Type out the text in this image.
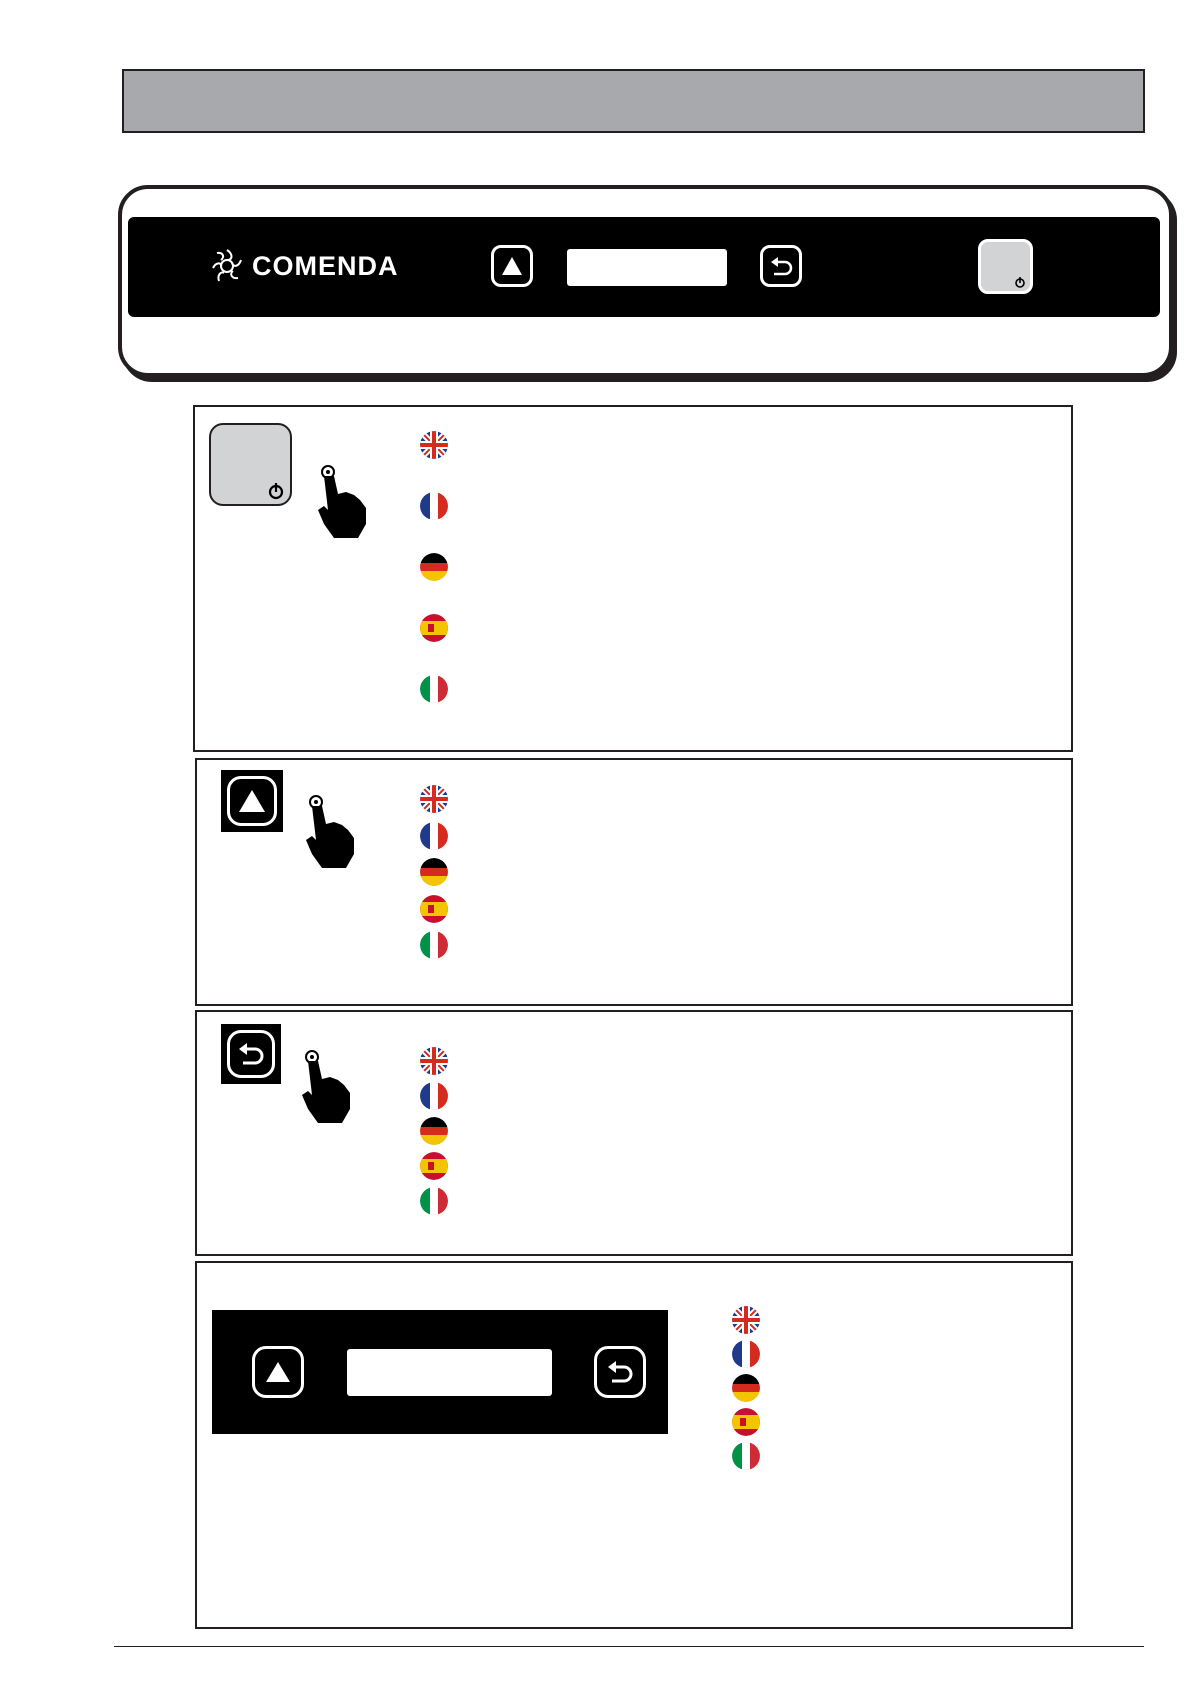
COMENDA
